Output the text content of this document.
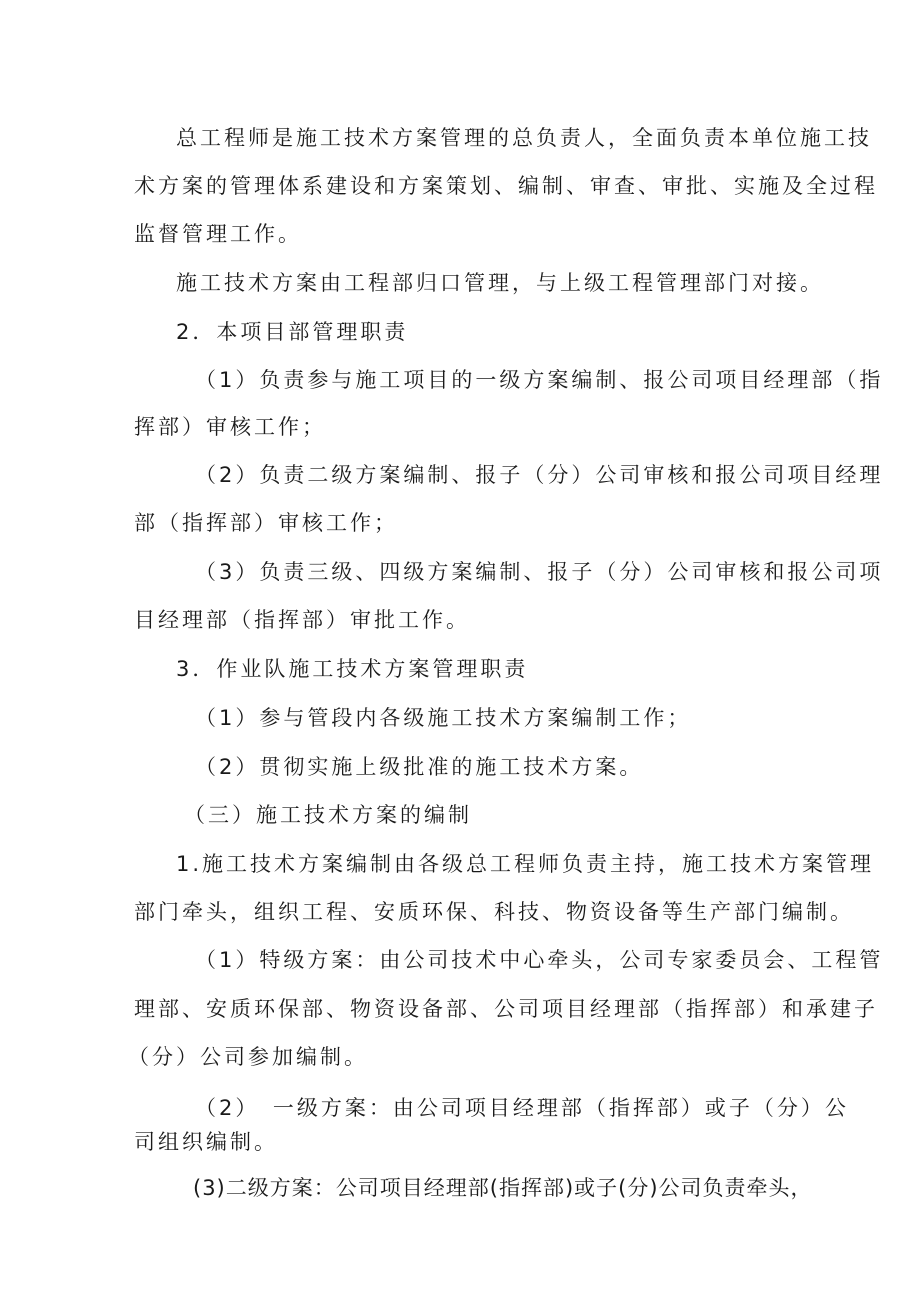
总工程师是施工技术方案管理的总负责人，全面负责本单位施工技
术方案的管理体系建设和方案策划、编制、审查、审批、实施及全过程
监督管理工作。
施工技术方案由工程部归口管理，与上级工程管理部门对接。
2．本项目部管理职责
（1）负责参与施工项目的一级方案编制、报公司项目经理部（指
挥部）审核工作；
（2）负责二级方案编制、报子（分）公司审核和报公司项目经理
部（指挥部）审核工作；
（3）负责三级、四级方案编制、报子（分）公司审核和报公司项
目经理部（指挥部）审批工作。
3．作业队施工技术方案管理职责
（1）参与管段内各级施工技术方案编制工作；
（2）贯彻实施上级批准的施工技术方案。
（三）施工技术方案的编制
1.施工技术方案编制由各级总工程师负责主持，施工技术方案管理
部门牵头，组织工程、安质环保、科技、物资设备等生产部门编制。
（1）特级方案：由公司技术中心牵头，公司专家委员会、工程管
理部、安质环保部、物资设备部、公司项目经理部（指挥部）和承建子
（分）公司参加编制。
（2）　一级方案：由公司项目经理部（指挥部）或子（分）公
司组织编制。
(3)二级方案：公司项目经理部(指挥部)或子(分)公司负责牵头，
